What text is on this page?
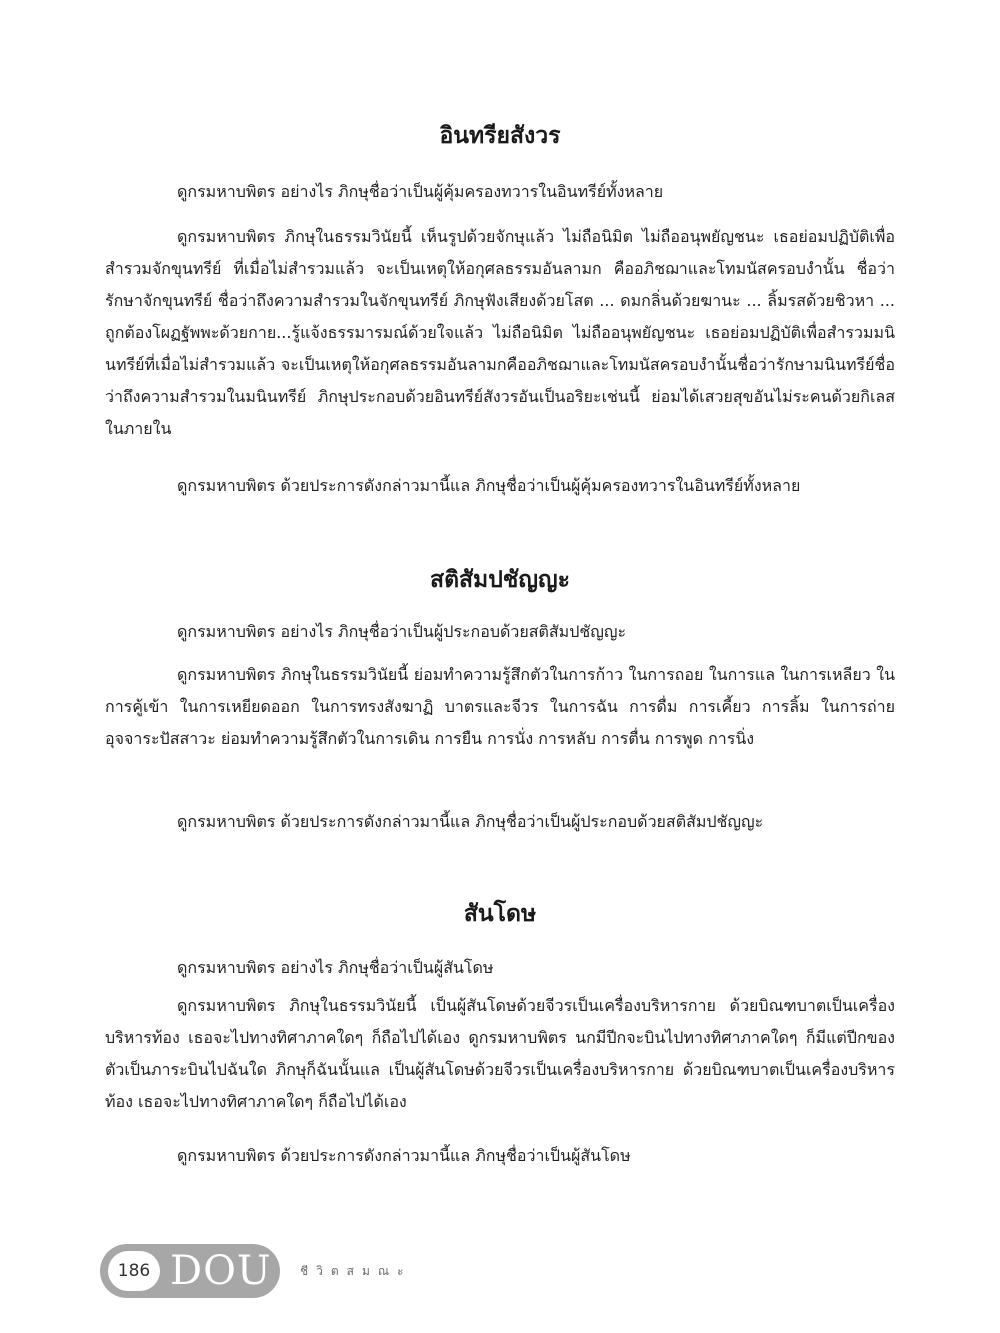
อินทรียสังวร

ดูกรมหาบพิตร อย่างไร ภิกษุชื่อว่าเป็นผู้คุ้มครองทวารในอินทรีย์ทั้งหลาย

ดูกรมหาบพิตร ภิกษุในธรรมวินัยนี้ เห็นรูปด้วยจักษุแล้ว ไม่ถือนิมิต ไม่ถืออนุพยัญชนะ เธอย่อมปฏิบัติเพื่อสำรวมจักขุนทรีย์ ที่เมื่อไม่สำรวมแล้ว จะเป็นเหตุให้อกุศลธรรมอันลามก คืออภิชฌาและโทมนัสครอบงำนั้น ชื่อว่ารักษาจักขุนทรีย์ ชื่อว่าถึงความสำรวมในจักขุนทรีย์ ภิกษุฟังเสียงด้วยโสต ... ดมกลิ่นด้วยฆานะ ... ลิ้มรสด้วยชิวหา ... ถูกต้องโผฏฐัพพะด้วยกาย...รู้แจ้งธรรมารมณ์ด้วยใจแล้ว ไม่ถือนิมิต ไม่ถืออนุพยัญชนะ เธอย่อมปฏิบัติเพื่อสำรวมมนินทรีย์ที่เมื่อไม่สำรวมแล้ว จะเป็นเหตุให้อกุศลธรรมอันลามกคืออภิชฌาและโทมนัสครอบงำนั้นชื่อว่ารักษามนินทรีย์ชื่อว่าถึงความสำรวมในมนินทรีย์ ภิกษุประกอบด้วยอินทรีย์สังวรอันเป็นอริยะเช่นนี้ ย่อมได้เสวยสุขอันไม่ระคนด้วยกิเลสในภายใน

ดูกรมหาบพิตร ด้วยประการดังกล่าวมานี้แล ภิกษุชื่อว่าเป็นผู้คุ้มครองทวารในอินทรีย์ทั้งหลาย

สติสัมปชัญญะ

ดูกรมหาบพิตร อย่างไร ภิกษุชื่อว่าเป็นผู้ประกอบด้วยสติสัมปชัญญะ

ดูกรมหาบพิตร ภิกษุในธรรมวินัยนี้ ย่อมทำความรู้สึกตัวในการก้าว ในการถอย ในการแล ในการเหลียว ในการคู้เข้า ในการเหยียดออก ในการทรงสังฆาฏิ บาตรและจีวร ในการฉัน การดื่ม การเคี้ยว การลิ้ม ในการถ่ายอุจจาระปัสสาวะ ย่อมทำความรู้สึกตัวในการเดิน การยืน การนั่ง การหลับ การตื่น การพูด การนิ่ง

ดูกรมหาบพิตร ด้วยประการดังกล่าวมานี้แล ภิกษุชื่อว่าเป็นผู้ประกอบด้วยสติสัมปชัญญะ

สันโดษ

ดูกรมหาบพิตร อย่างไร ภิกษุชื่อว่าเป็นผู้สันโดษ

ดูกรมหาบพิตร ภิกษุในธรรมวินัยนี้ เป็นผู้สันโดษด้วยจีวรเป็นเครื่องบริหารกาย ด้วยบิณฑบาตเป็นเครื่องบริหารท้อง เธอจะไปทางทิศาภาคใดๆ ก็ถือไปได้เอง ดูกรมหาบพิตร นกมีปีกจะบินไปทางทิศาภาคใดๆ ก็มีแต่ปีกของตัวเป็นภาระบินไปฉันใด ภิกษุก็ฉันนั้นแล เป็นผู้สันโดษด้วยจีวรเป็นเครื่องบริหารกาย ด้วยบิณฑบาตเป็นเครื่องบริหารท้อง เธอจะไปทางทิศาภาคใดๆ ก็ถือไปได้เอง

ดูกรมหาบพิตร ด้วยประการดังกล่าวมานี้แล ภิกษุชื่อว่าเป็นผู้สันโดษ

186 DOU ชีวิตสมณะ
